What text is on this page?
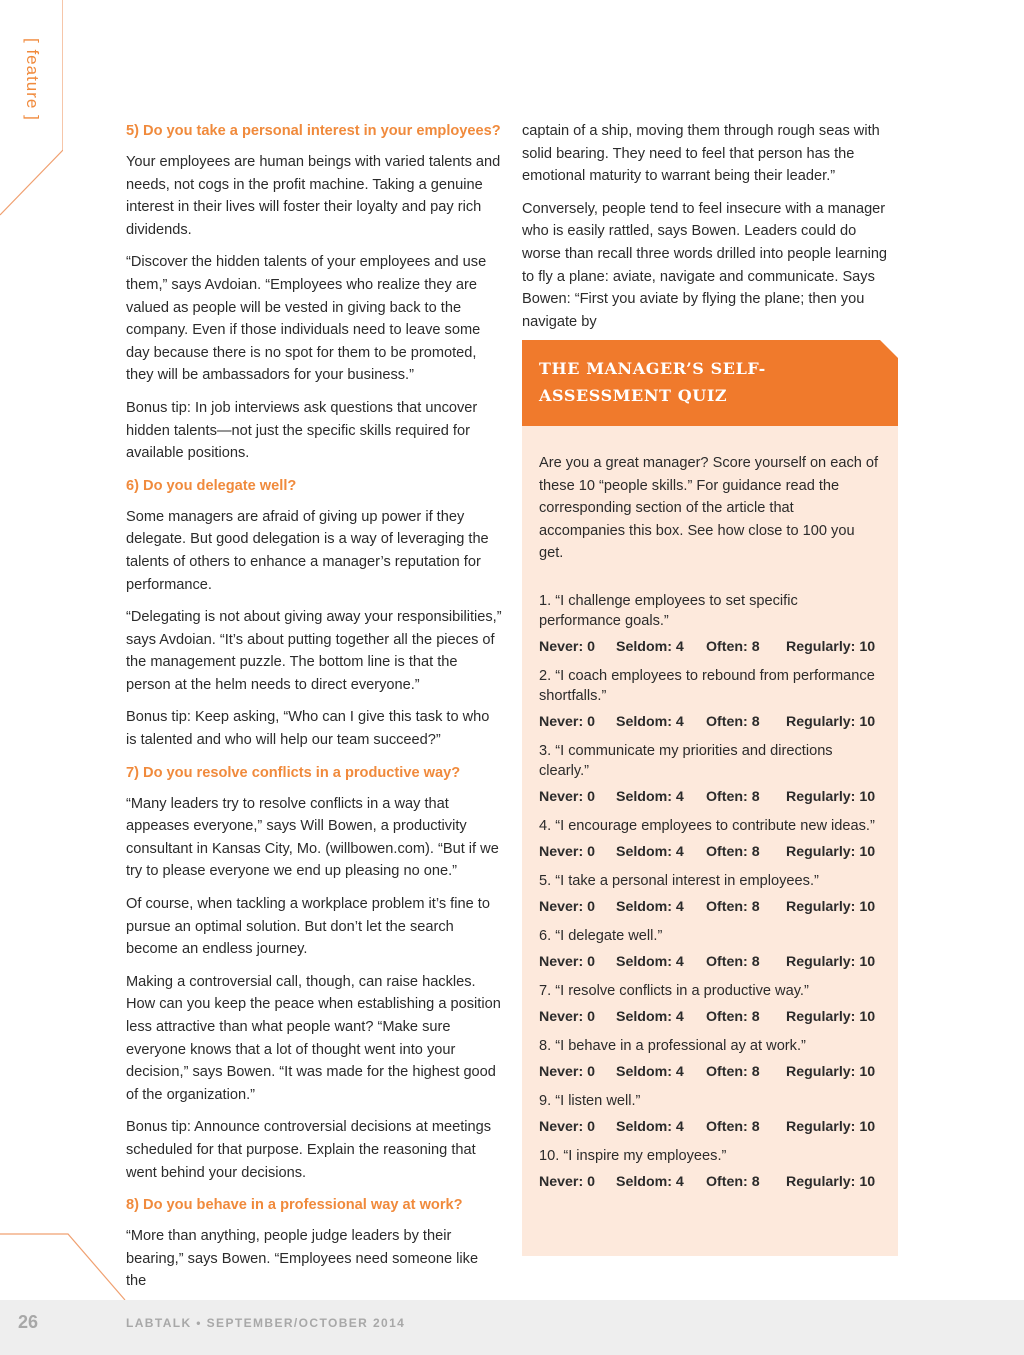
[ feature ]
5) Do you take a personal interest in your employees?

Your employees are human beings with varied talents and needs, not cogs in the profit machine. Taking a genuine interest in their lives will foster their loyalty and pay rich dividends.

“Discover the hidden talents of your employees and use them,” says Avdoian. “Employees who realize they are valued as people will be vested in giving back to the company. Even if those individuals need to leave some day because there is no spot for them to be promoted, they will be ambassadors for your business.”

Bonus tip: In job interviews ask questions that uncover hidden talents—not just the specific skills required for available positions.

6) Do you delegate well?

Some managers are afraid of giving up power if they delegate. But good delegation is a way of leveraging the talents of others to enhance a manager’s reputation for performance.

“Delegating is not about giving away your responsibilities,” says Avdoian. “It’s about putting together all the pieces of the management puzzle. The bottom line is that the person at the helm needs to direct everyone.”

Bonus tip: Keep asking, “Who can I give this task to who is talented and who will help our team succeed?”

7) Do you resolve conflicts in a productive way?

“Many leaders try to resolve conflicts in a way that appeases everyone,” says Will Bowen, a productivity consultant in Kansas City, Mo. (willbowen.com). “But if we try to please everyone we end up pleasing no one.”

Of course, when tackling a workplace problem it’s fine to pursue an optimal solution. But don’t let the search become an endless journey.

Making a controversial call, though, can raise hackles. How can you keep the peace when establishing a position less attractive than what people want? “Make sure everyone knows that a lot of thought went into your decision,” says Bowen. “It was made for the highest good of the organization.”

Bonus tip: Announce controversial decisions at meetings scheduled for that purpose. Explain the reasoning that went behind your decisions.

8) Do you behave in a professional way at work?

“More than anything, people judge leaders by their bearing,” says Bowen. “Employees need someone like the

captain of a ship, moving them through rough seas with solid bearing. They need to feel that person has the emotional maturity to warrant being their leader.”

Conversely, people tend to feel insecure with a manager who is easily rattled, says Bowen. Leaders could do worse than recall three words drilled into people learning to fly a plane: aviate, navigate and communicate. Says Bowen: “First you aviate by flying the plane; then you navigate by

THE MANAGER’S SELF-ASSESSMENT QUIZ
Are you a great manager? Score yourself on each of these 10 “people skills.” For guidance read the corresponding section of the article that accompanies this box. See how close to 100 you get.
1. “I challenge employees to set specific performance goals.”
Never: 0	Seldom: 4	Often: 8	Regularly: 10
2. “I coach employees to rebound from performance shortfalls.”
Never: 0	Seldom: 4	Often: 8	Regularly: 10
3. “I communicate my priorities and directions clearly.”
Never: 0	Seldom: 4	Often: 8	Regularly: 10
4. “I encourage employees to contribute new ideas.”
Never: 0	Seldom: 4	Often: 8	Regularly: 10
5. “I take a personal interest in employees.”
Never: 0	Seldom: 4	Often: 8	Regularly: 10
6. “I delegate well.”
Never: 0	Seldom: 4	Often: 8	Regularly: 10
7. “I resolve conflicts in a productive way.”
Never: 0	Seldom: 4	Often: 8	Regularly: 10
8. “I behave in a professional ay at work.”
Never: 0	Seldom: 4	Often: 8	Regularly: 10
9. “I listen well.”
Never: 0	Seldom: 4	Often: 8	Regularly: 10
10. “I inspire my employees.”
Never: 0	Seldom: 4	Often: 8	Regularly: 10
26	LABTALK • SEPTEMBER/OCTOBER 2014
